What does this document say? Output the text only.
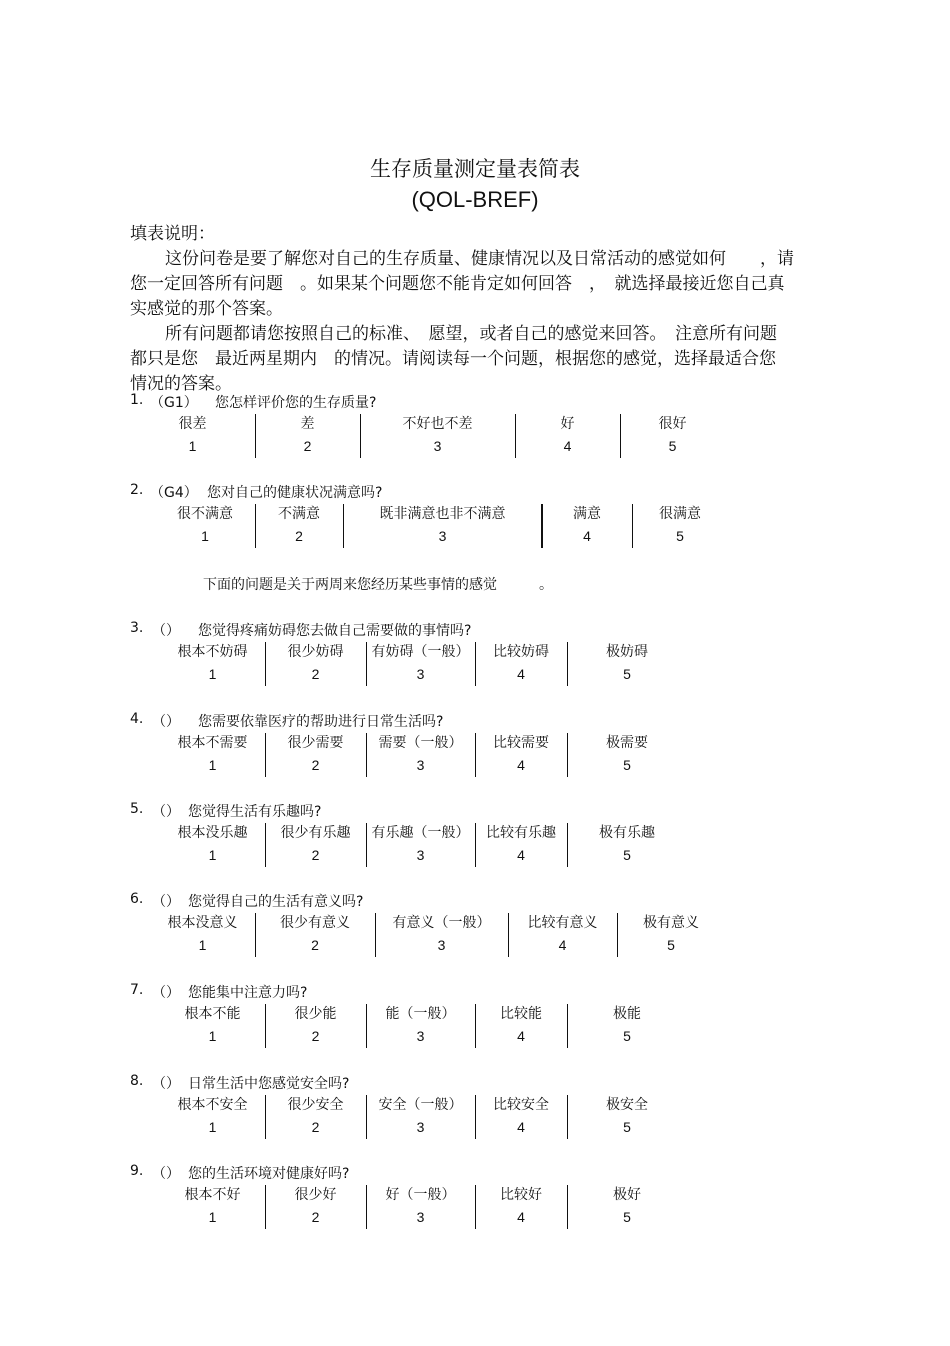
生存质量测定量表简表
(QOL-BREF)
填表说明：
这份问卷是要了解您对自己的生存质量、健康情况以及日常活动的感觉如何　　，请
您一定回答所有问题　。如果某个问题您不能肯定如何回答　，　就选择最接近您自己真
实感觉的那个答案。
所有问题都请您按照自己的标准、　愿望，或者自己的感觉来回答。　注意所有问题
都只是您　最近两星期内　的情况。请阅读每一个问题，根据您的感觉，选择最适合您
情况的答案。
下面的问题是关于两周来您经历某些事情的感觉　　　。
1. （G1） 您怎样评价您的生存质量?
很差
1
差
2
不好也不差
3
好
4
很好
5
2. （G4） 您对自己的健康状况满意吗?
很不满意
1
不满意
2
既非满意也非不满意
3
满意
4
很满意
5
3. （） 您觉得疼痛妨碍您去做自己需要做的事情吗?
根本不妨碍
1
很少妨碍
2
有妨碍（一般）
3
比较妨碍
4
极妨碍
5
4. （） 您需要依靠医疗的帮助进行日常生活吗?
根本不需要
1
很少需要
2
需要（一般）
3
比较需要
4
极需要
5
5. （） 您觉得生活有乐趣吗?
根本没乐趣
1
很少有乐趣
2
有乐趣（一般）
3
比较有乐趣
4
极有乐趣
5
6. （） 您觉得自己的生活有意义吗?
根本没意义
1
很少有意义
2
有意义（一般）
3
比较有意义
4
极有意义
5
7. （） 您能集中注意力吗?
根本不能
1
很少能
2
能（一般）
3
比较能
4
极能
5
8. （） 日常生活中您感觉安全吗?
根本不安全
1
很少安全
2
安全（一般）
3
比较安全
4
极安全
5
9. （） 您的生活环境对健康好吗?
根本不好
1
很少好
2
好（一般）
3
比较好
4
极好
5
